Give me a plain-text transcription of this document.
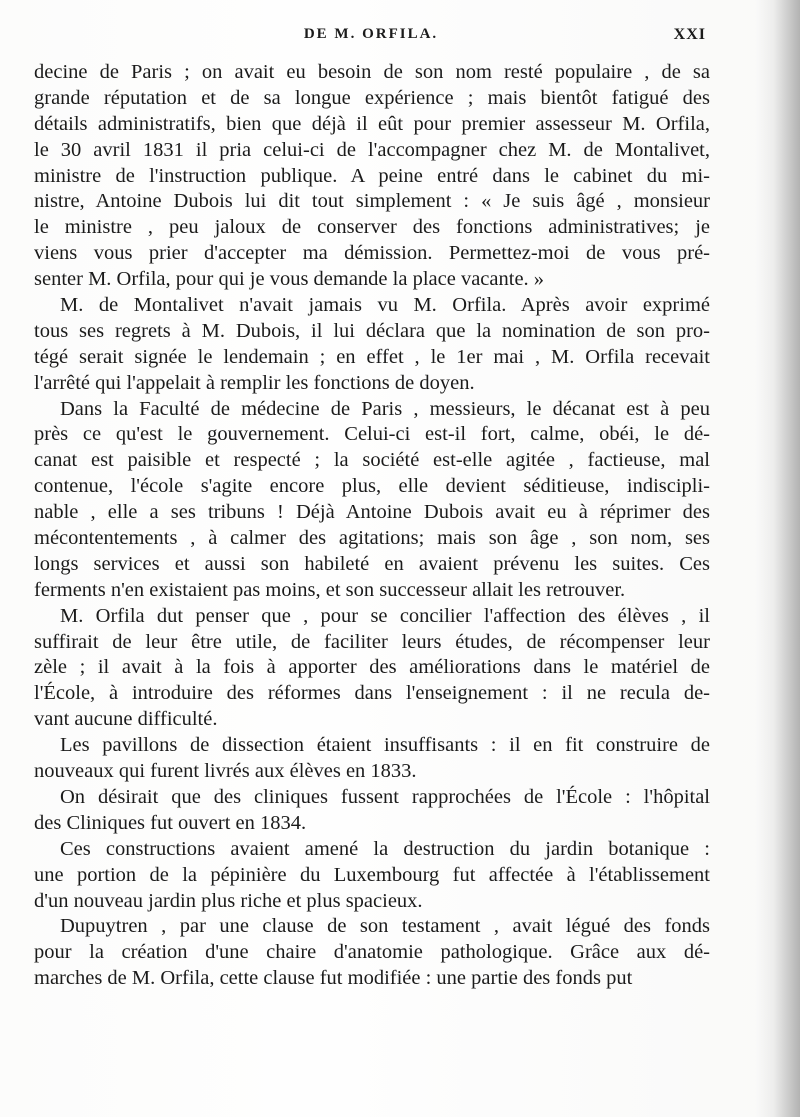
DE M. ORFILA.	XXI
decine de Paris ; on avait eu besoin de son nom resté populaire , de sa
grande réputation et de sa longue expérience ; mais bientôt fatigué des
détails administratifs, bien que déjà il eût pour premier assesseur M. Orfila,
le 30 avril 1831 il pria celui-ci de l'accompagner chez M. de Montalivet,
ministre de l'instruction publique. A peine entré dans le cabinet du mi-
nistre, Antoine Dubois lui dit tout simplement : « Je suis âgé , monsieur
le ministre , peu jaloux de conserver des fonctions administratives; je
viens vous prier d'accepter ma démission. Permettez-moi de vous pré-
senter M. Orfila, pour qui je vous demande la place vacante. »
M. de Montalivet n'avait jamais vu M. Orfila. Après avoir exprimé
tous ses regrets à M. Dubois, il lui déclara que la nomination de son pro-
tégé serait signée le lendemain ; en effet , le 1er mai , M. Orfila recevait
l'arrêté qui l'appelait à remplir les fonctions de doyen.
Dans la Faculté de médecine de Paris , messieurs, le décanat est à peu
près ce qu'est le gouvernement. Celui-ci est-il fort, calme, obéi, le dé-
canat est paisible et respecté ; la société est-elle agitée , factieuse, mal
contenue, l'école s'agite encore plus, elle devient séditieuse, indiscipli-
nable , elle a ses tribuns ! Déjà Antoine Dubois avait eu à réprimer des
mécontentements , à calmer des agitations; mais son âge , son nom, ses
longs services et aussi son habileté en avaient prévenu les suites. Ces
ferments n'en existaient pas moins, et son successeur allait les retrouver.
M. Orfila dut penser que , pour se concilier l'affection des élèves , il
suffirait de leur être utile, de faciliter leurs études, de récompenser leur
zèle ; il avait à la fois à apporter des améliorations dans le matériel de
l'École, à introduire des réformes dans l'enseignement : il ne recula de-
vant aucune difficulté.
Les pavillons de dissection étaient insuffisants : il en fit construire de
nouveaux qui furent livrés aux élèves en 1833.
On désirait que des cliniques fussent rapprochées de l'École : l'hôpital
des Cliniques fut ouvert en 1834.
Ces constructions avaient amené la destruction du jardin botanique :
une portion de la pépinière du Luxembourg fut affectée à l'établissement
d'un nouveau jardin plus riche et plus spacieux.
Dupuytren , par une clause de son testament , avait légué des fonds
pour la création d'une chaire d'anatomie pathologique. Grâce aux dé-
marches de M. Orfila, cette clause fut modifiée : une partie des fonds put
